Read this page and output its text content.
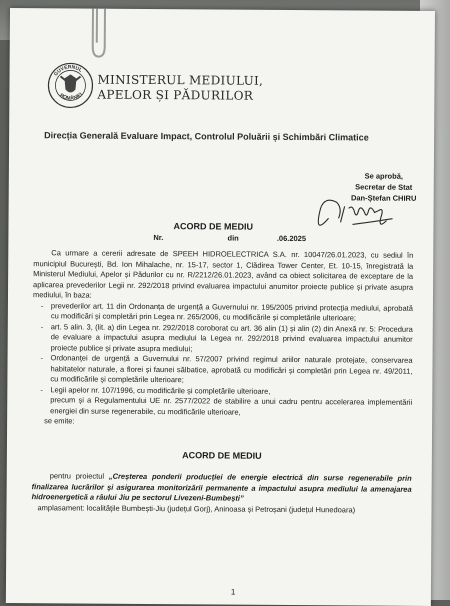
GUVERNUL
ROMÂNIEI
MINISTERUL MEDIULUI,
APELOR ȘI PĂDURILOR
Direcția Generală Evaluare Impact, Controlul Poluării și Schimbări Climatice
Se aprobă,
Secretar de Stat
Dan-Ștefan CHIRU
ACORD DE MEDIU
Nr.	din	.06.2025

Ca urmare a cererii adresate de SPEEH HIDROELECTRICA S.A. nr. 10047/26.01.2023, cu sediul în municipiul București, Bd. Ion Mihalache, nr. 15-17, sector 1, Clădirea Tower Center, Et. 10-15, înregistrată la Ministerul Mediului, Apelor și Pădurilor cu nr. R/2212/26.01.2023, având ca obiect solicitarea de exceptare de la aplicarea prevederilor Legii nr. 292/2018 privind evaluarea impactului anumitor proiecte publice și private asupra mediului, în baza:

- prevederilor art. 11 din Ordonanța de urgență a Guvernului nr. 195/2005 privind protecția mediului, aprobată cu modificări și completări prin Legea nr. 265/2006, cu modificările și completările ulterioare;
- art. 5 alin. 3, (lit. a) din Legea nr. 292/2018 coroborat cu art. 36 alin (1) și alin (2) din Anexă nr. 5: Procedura de evaluare a impactului asupra mediului la Legea nr. 292/2018 privind evaluarea impactului anumitor proiecte publice și private asupra mediului;
- Ordonanței de urgență a Guvernului nr. 57/2007 privind regimul ariilor naturale protejate, conservarea habitatelor naturale, a florei și faunei sălbatice, aprobată cu modificări și completări prin Legea nr. 49/2011, cu modificările și completările ulterioare;
- Legii apelor nr. 107/1996, cu modificările și completările ulterioare,

precum și a Regulamentului UE nr. 2577/2022 de stabilire a unui cadru pentru accelerarea implementării energiei din surse regenerabile, cu modificările ulterioare,

se emite:

ACORD DE MEDIU

pentru proiectul „Creșterea ponderii producției de energie electrică din surse regenerabile prin finalizarea lucrărilor și asigurarea monitorizării permanente a impactului asupra mediului la amenajarea hidroenergetică a râului Jiu pe sectorul Livezeni-Bumbești”

amplasament: localitățile Bumbești-Jiu (județul Gorj), Aninoasa și Petroșani (județul Hunedoara)

1
